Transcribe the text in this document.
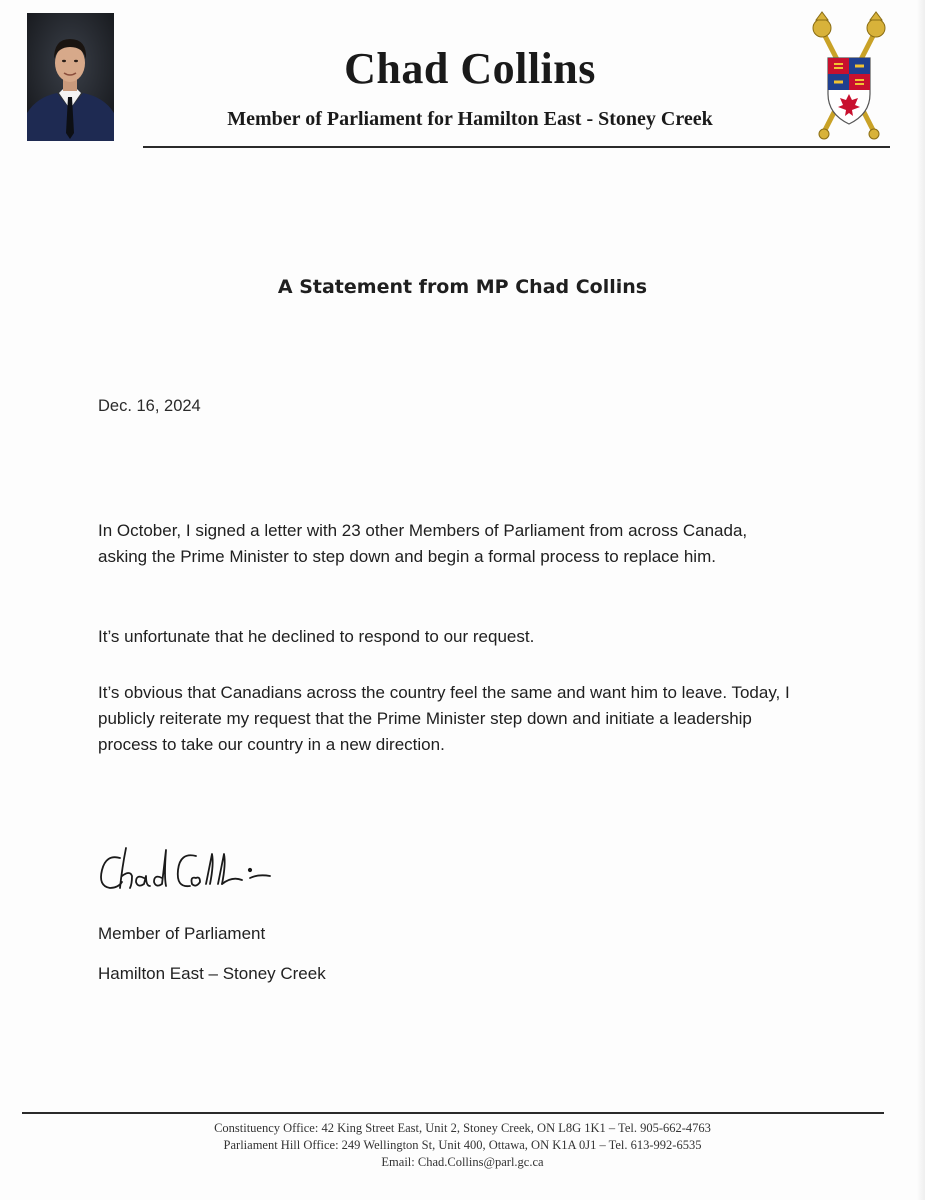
Chad Collins
Member of Parliament for Hamilton East - Stoney Creek
A Statement from MP Chad Collins
Dec. 16, 2024

In October, I signed a letter with 23 other Members of Parliament from across Canada, asking the Prime Minister to step down and begin a formal process to replace him.

It’s unfortunate that he declined to respond to our request.

It’s obvious that Canadians across the country feel the same and want him to leave. Today, I publicly reiterate my request that the Prime Minister step down and initiate a leadership process to take our country in a new direction.

Member of Parliament
Hamilton East – Stoney Creek
Constituency Office: 42 King Street East, Unit 2, Stoney Creek, ON L8G 1K1 – Tel. 905-662-4763
Parliament Hill Office: 249 Wellington St, Unit 400, Ottawa, ON K1A 0J1 – Tel. 613-992-6535
Email: Chad.Collins@parl.gc.ca
